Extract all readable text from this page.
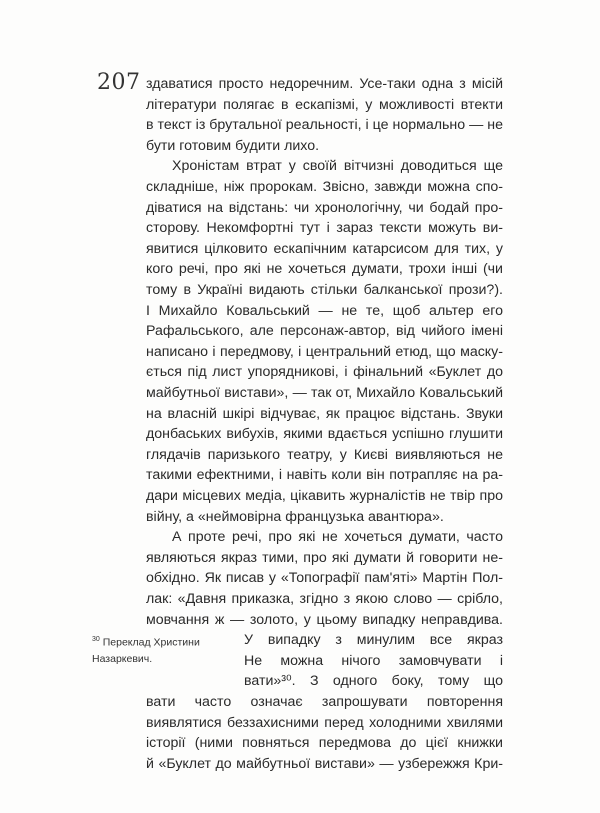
207 здаватися просто недоречним. Усе-таки одна з місій
літератури полягає в ескапізмі, у можливості втекти
в текст із брутальної реальності, і це нормально — не
бути готовим будити лихо.
Хроністам втрат у своїй вітчизні доводиться ще
складніше, ніж пророкам. Звісно, завжди можна спо-
діватися на відстань: чи хронологічну, чи бодай про-
сторову. Некомфортні тут і зараз тексти можуть ви-
явитися цілковито ескапічним катарсисом для тих, у
кого речі, про які не хочеться думати, трохи інші (чи
тому в Україні видають стільки балканської прози?).
І Михайло Ковальський — не те, щоб альтер его
Рафальського, але персонаж-автор, від чийого імені
написано і передмову, і центральний етюд, що маску-
ється під лист упорядникові, і фінальний «Буклет до
майбутньої вистави», — так от, Михайло Ковальський
на власній шкірі відчуває, як працює відстань. Звуки
донбаських вибухів, якими вдається успішно глушити
глядачів паризького театру, у Києві виявляються не
такими ефектними, і навіть коли він потрапляє на ра-
дари місцевих медіа, цікавить журналістів не твір про
війну, а «неймовірна французька авантюра».
А проте речі, про які не хочеться думати, часто
являються якраз тими, про які думати й говорити не-
обхідно. Як писав у «Топографії пам'яті» Мартін Пол-
лак: «Давня приказка, згідно з якою слово — срібло,
мовчання ж — золото, у цьому випадку неправдива.
У випадку з минулим все якраз
Не можна нічого замовчувати і
вати»³⁰. З одного боку, тому що
вати часто означає запрошувати повторення
виявлятися беззахисними перед холодними хвилями
історії (ними повняться передмова до цієї книжки
й «Буклет до майбутньої вистави» — узбережжя Кри-
$^{30}$ Переклад Христини Назаркевич.
